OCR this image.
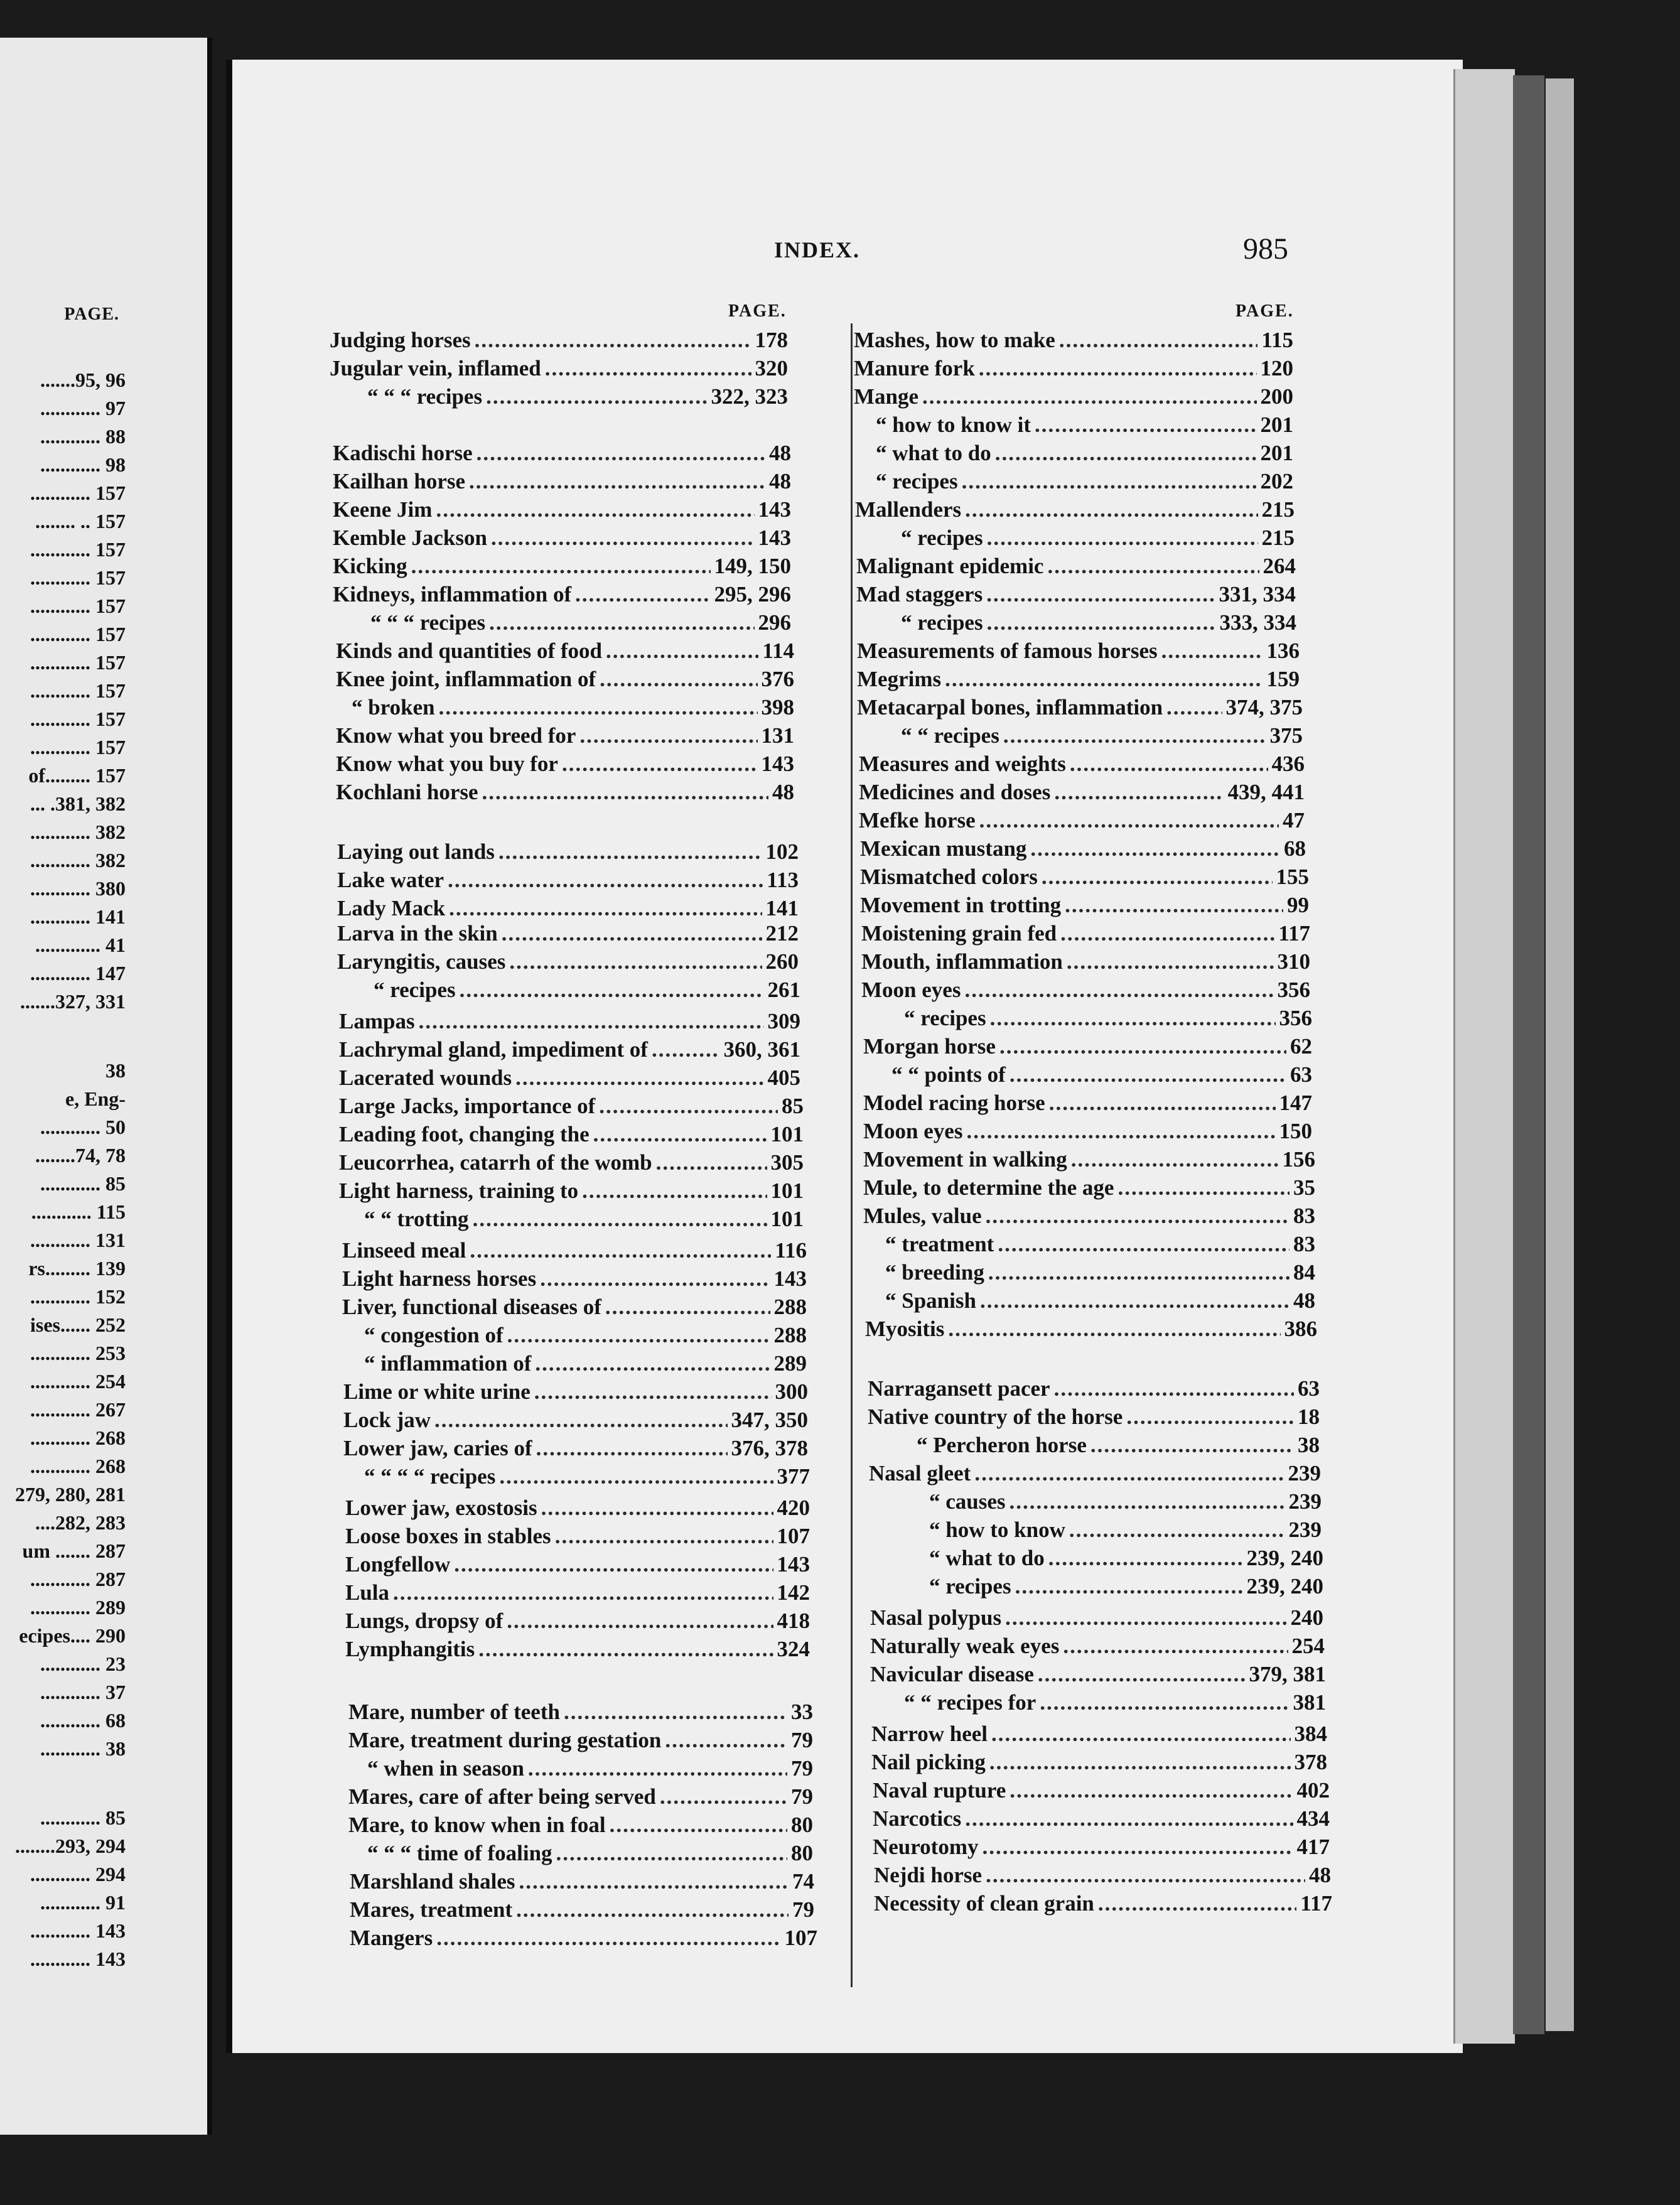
PAGE.
.......95, 96
............ 97
............ 88
............ 98
............ 157
........ .. 157
............ 157
............ 157
............ 157
............ 157
............ 157
............ 157
............ 157
............ 157
of......... 157
... .381, 382
............ 382
............ 382
............ 380
............ 141
............. 41
............ 147
.......327, 331
38
e, Eng-
............ 50
........74, 78
............ 85
............ 115
............ 131
rs......... 139
............ 152
ises...... 252
............ 253
............ 254
............ 267
............ 268
............ 268
279, 280, 281
....282, 283
um ....... 287
............ 287
............ 289
ecipes.... 290
............ 23
............ 37
............ 68
............ 38
............ 85
........293, 294
............ 294
............ 91
............ 143
............ 143
INDEX.	985
PAGE.	PAGE.
Judging horses .....	178
Jugular vein, inflamed .....	320
“ “ “ recipes .....	322, 323
Kadischi horse .....	48
Kailhan horse .....	48
Keene Jim .....	143
Kemble Jackson .....	143
Kicking .....	149, 150
Kidneys, inflammation of .....	295, 296
“ “ “ recipes .....	296
Kinds and quantities of food .....	114
Knee joint, inflammation of .....	376
“ broken .....	398
Know what you breed for .....	131
Know what you buy for .....	143
Kochlani horse .....	48
Laying out lands .....	102
Lake water .....	113
Lady Mack .....	141
Larva in the skin .....	212
Laryngitis, causes .....	260
“ recipes .....	261
Lampas .....	309
Lachrymal gland, impediment of .....	360, 361
Lacerated wounds .....	405
Large Jacks, importance of .....	85
Leading foot, changing the .....	101
Leucorrhea, catarrh of the womb .....	305
Light harness, training to .....	101
“ “ trotting .....	101
Linseed meal .....	116
Light harness horses .....	143
Liver, functional diseases of .....	288
“ congestion of .....	288
“ inflammation of .....	289
Lime or white urine .....	300
Lock jaw .....	347, 350
Lower jaw, caries of .....	376, 378
“ “ “ “ recipes .....	377
Lower jaw, exostosis .....	420
Loose boxes in stables .....	107
Longfellow .....	143
Lula .....	142
Lungs, dropsy of .....	418
Lymphangitis .....	324
Mare, number of teeth .....	33
Mare, treatment during gestation .....	79
“ when in season .....	79
Mares, care of after being served .....	79
Mare, to know when in foal .....	80
“ “ “ time of foaling .....	80
Marshland shales .....	74
Mares, treatment .....	79
Mangers .....	107
Mashes, how to make .....	115
Manure fork .....	120
Mange .....	200
“ how to know it .....	201
“ what to do .....	201
“ recipes .....	202
Mallenders .....	215
“ recipes .....	215
Malignant epidemic .....	264
Mad staggers .....	331, 334
“ recipes .....	333, 334
Measurements of famous horses .....	136
Megrims .....	159
Metacarpal bones, inflammation .....	374, 375
“ “ recipes .....	375
Measures and weights .....	436
Medicines and doses .....	439, 441
Mefke horse .....	47
Mexican mustang .....	68
Mismatched colors .....	155
Movement in trotting .....	99
Moistening grain fed .....	117
Mouth, inflammation .....	310
Moon eyes .....	356
“ recipes .....	356
Morgan horse .....	62
“ “ points of .....	63
Model racing horse .....	147
Moon eyes .....	150
Movement in walking .....	156
Mule, to determine the age .....	35
Mules, value .....	83
“ treatment .....	83
“ breeding .....	84
“ Spanish .....	48
Myositis .....	386
Narragansett pacer .....	63
Native country of the horse .....	18
“ Percheron horse .....	38
Nasal gleet .....	239
“ causes .....	239
“ how to know .....	239
“ what to do .....	239, 240
“ recipes .....	239, 240
Nasal polypus .....	240
Naturally weak eyes .....	254
Navicular disease .....	379, 381
“ “ recipes for .....	381
Narrow heel .....	384
Nail picking .....	378
Naval rupture .....	402
Narcotics .....	434
Neurotomy .....	417
Nejdi horse .....	48
Necessity of clean grain .....	117
